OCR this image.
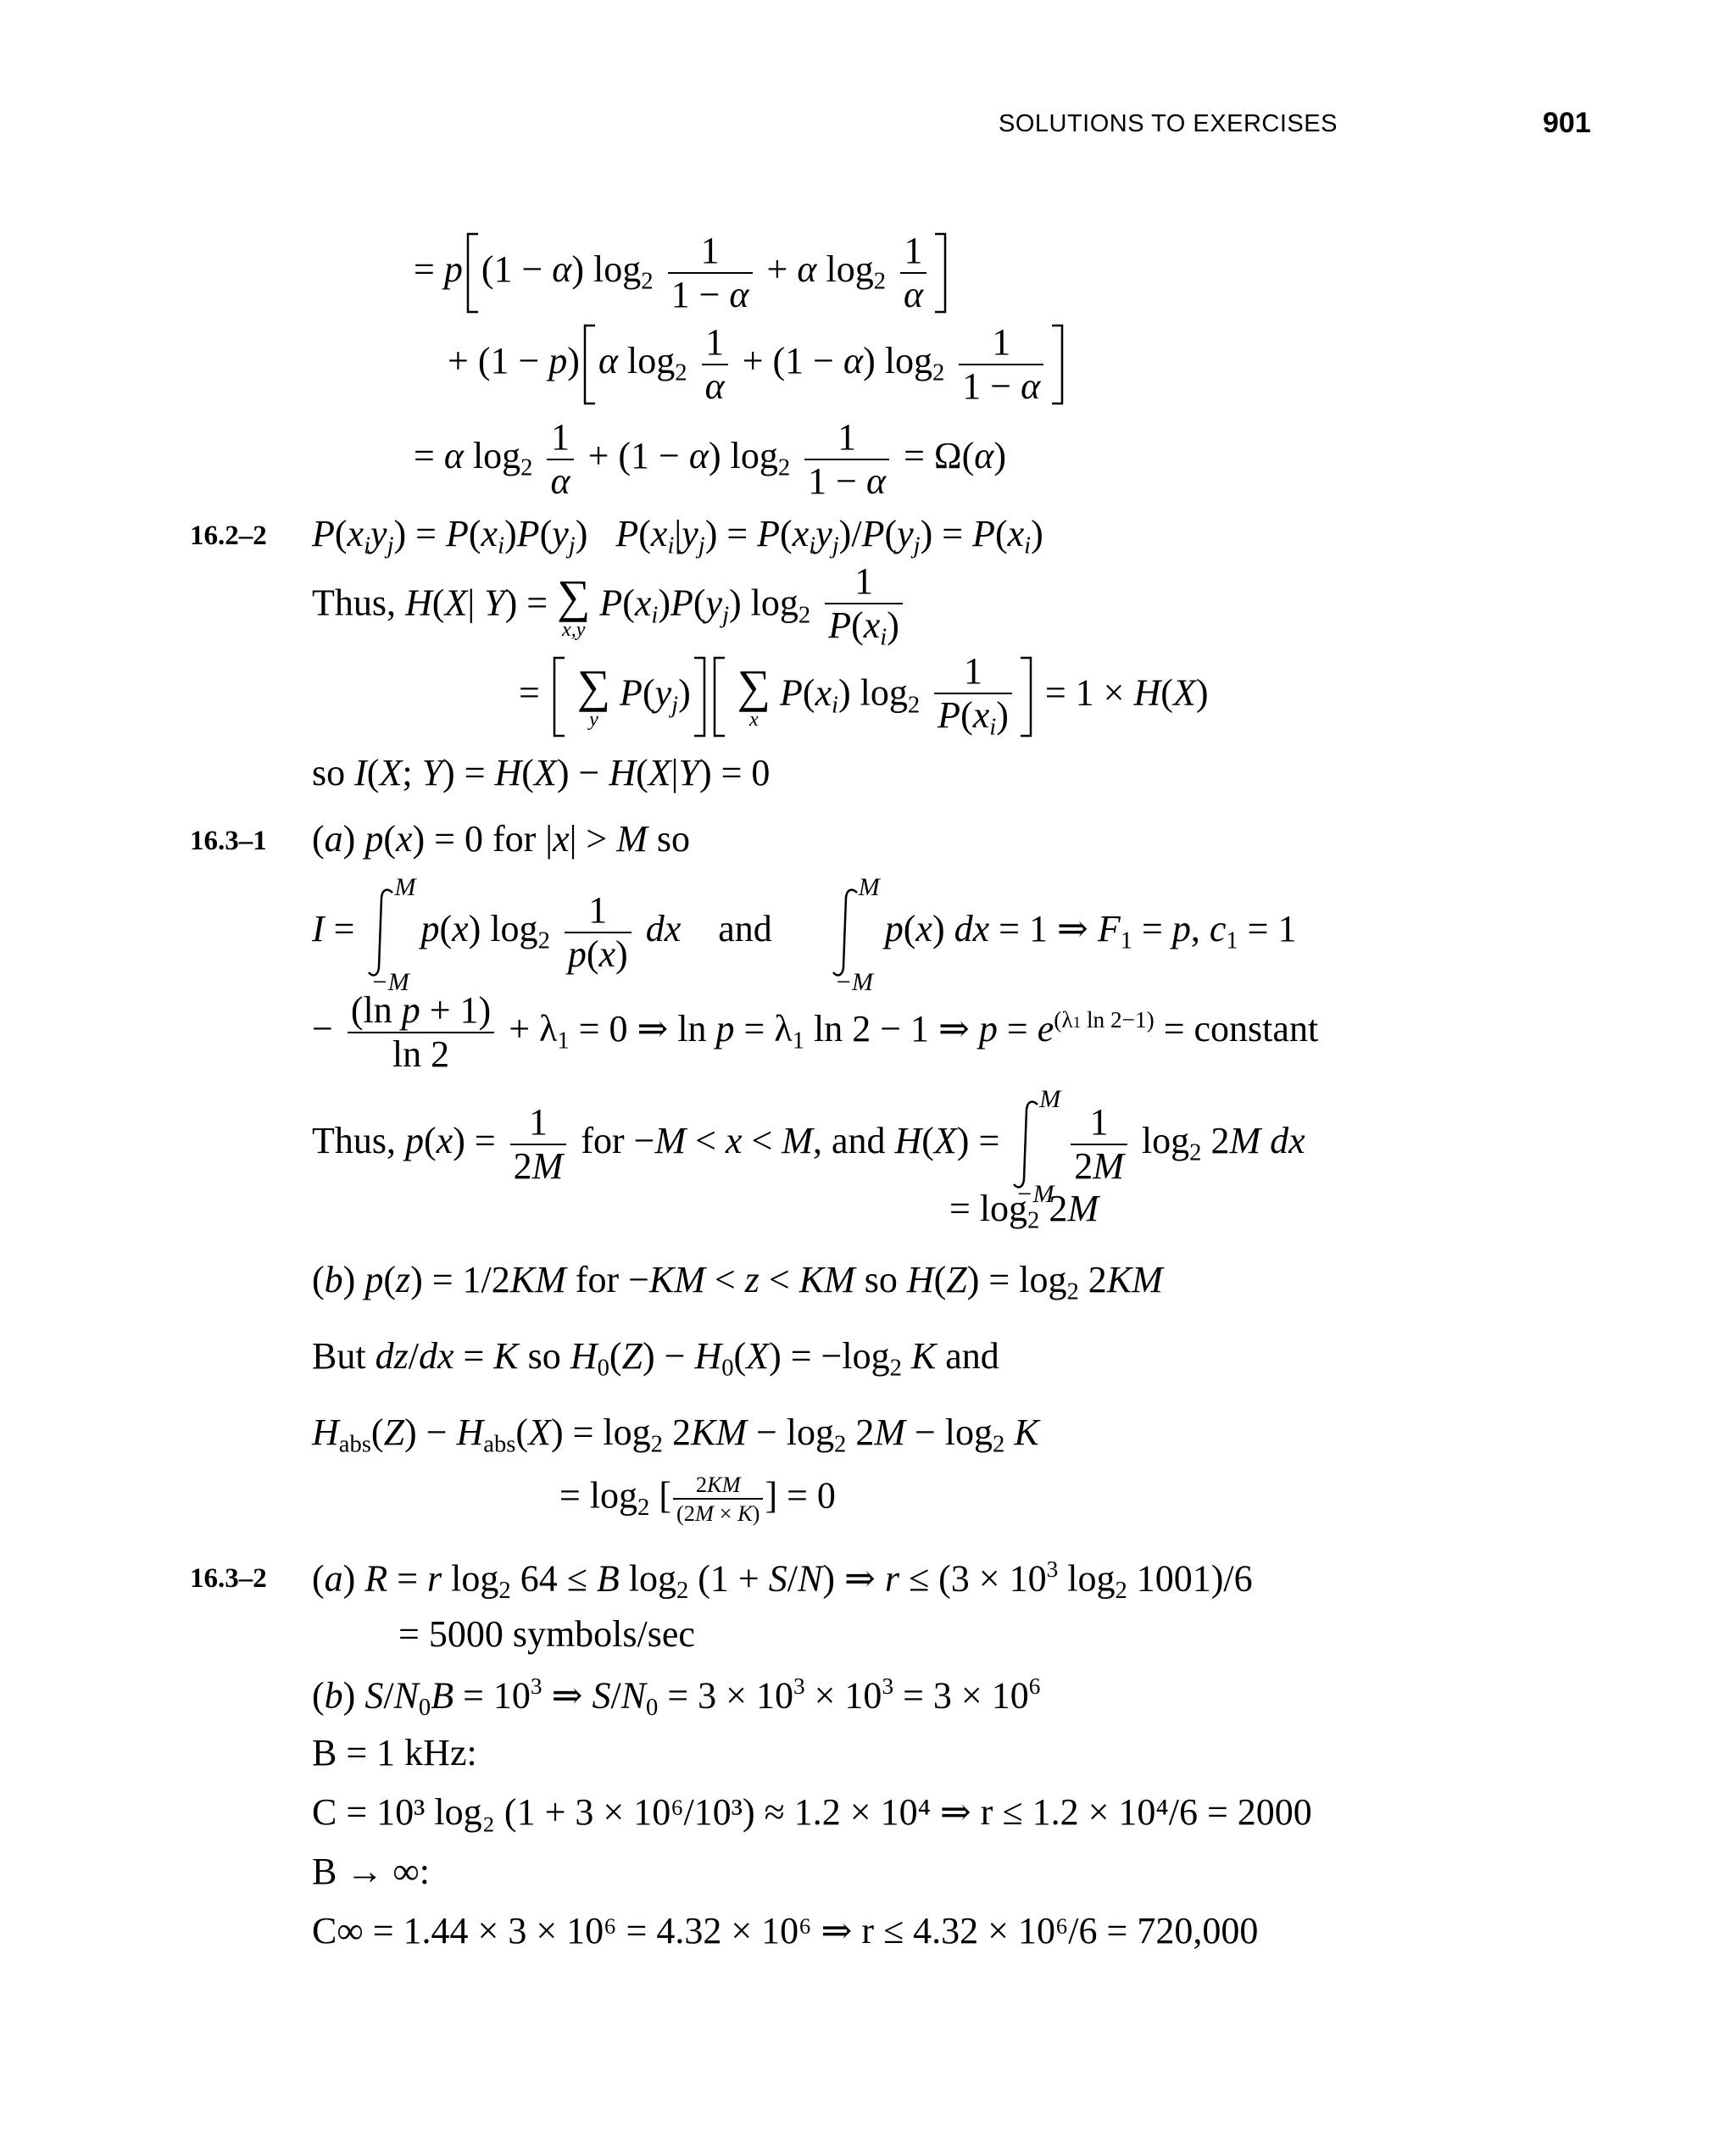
SOLUTIONS TO EXERCISES	901
= p (1 − α) $\log_2 \frac{1}{1 - \alpha} + \alpha$ $\log_2 \frac{1}{\alpha}$
+ (1 − p) α $\log_2 \frac{1}{\alpha} + (1 - \alpha)$ $\log_2 \frac{1}{1 - \alpha}$
= α $\log_2 \frac{1}{\alpha} + (1 - \alpha)$ $\log_2 \frac{1}{1 - \alpha} = \Omega(\alpha)$
16.2–2 $P(x_iy_j) = P(x_i)P(y_j) P(x_i|y_j) = P(x_iy_j)/P(y_j) = P(x_i)$
Thus, H(X| Y) = ∑
x,y
$P(x_i)P(y_j)$ $\log_2 \frac{1}{P(x_i)}$
= ∑
y
$P(y_j)$ ∑
x
$P(x_i)$ $\log_2 \frac{1}{P(x_i)} = 1 \times H(X)$
so I(X; Y) = H(X) − H(X|Y) = 0
16.3–1 (a) p(x) = 0 for |x| > M so
I =
M
−M
p(x) $\log_2 \frac{1}{p(x)}$ dx and
M
−M
p(x) dx = 1 ⇒ $F_1 = p$, $c_1 = 1$
− $\frac{\text{(ln p + 1)}}{\ln 2} + \lambda_1 = 0$ ⇒ $\ln p = \lambda_1$ ln 2 − 1 ⇒ $p = e^{(\lambda 1 ln 2-1)}$ = constant
Thus, $p(x) = \frac{1}{2M}$ for −M < x < M, and H(X) =
M
−M

$\frac{1}{2M} \log_2 2M$ dx
= $\log_2 2M$
(b) p(z) = 1/2KM for −KM < z < KM so $H(Z) = \log_2 2KM$
But dz/dx = K so $H_0(Z) - H_0(X) = -\log_2$ K and
$H_{abs}(Z) - H_{abs}(X) = \log_2 2KM - \log_2 2M - \log_2 K$
= $\log_2$ [ $\frac{2KM}{(2M \times K)}$ ] = 0
16.3–2 (a) R = r $\log_2 64 \le B$ $\log_2 (1 + S/N)$ ⇒ $r \le (3 \times 10^3$ $\log_2 1001)/6$
= 5000 symbols/sec
(b) $S/N_0B = 10^3$ ⇒ $S/N_0 = 3 \times 10^3 \times 10^3 = 3 \times 10^6$
B = 1 kHz:
C = 10³ log₂ (1 + 3 × 10⁶/10³) ≈ 1.2 × 10⁴ ⇒ r ≤ 1.2 × 10⁴/6 = 2000
B → ∞:
C∞ = 1.44 × 3 × 10⁶ = 4.32 × 10⁶ ⇒ r ≤ 4.32 × 10⁶/6 = 720,000
